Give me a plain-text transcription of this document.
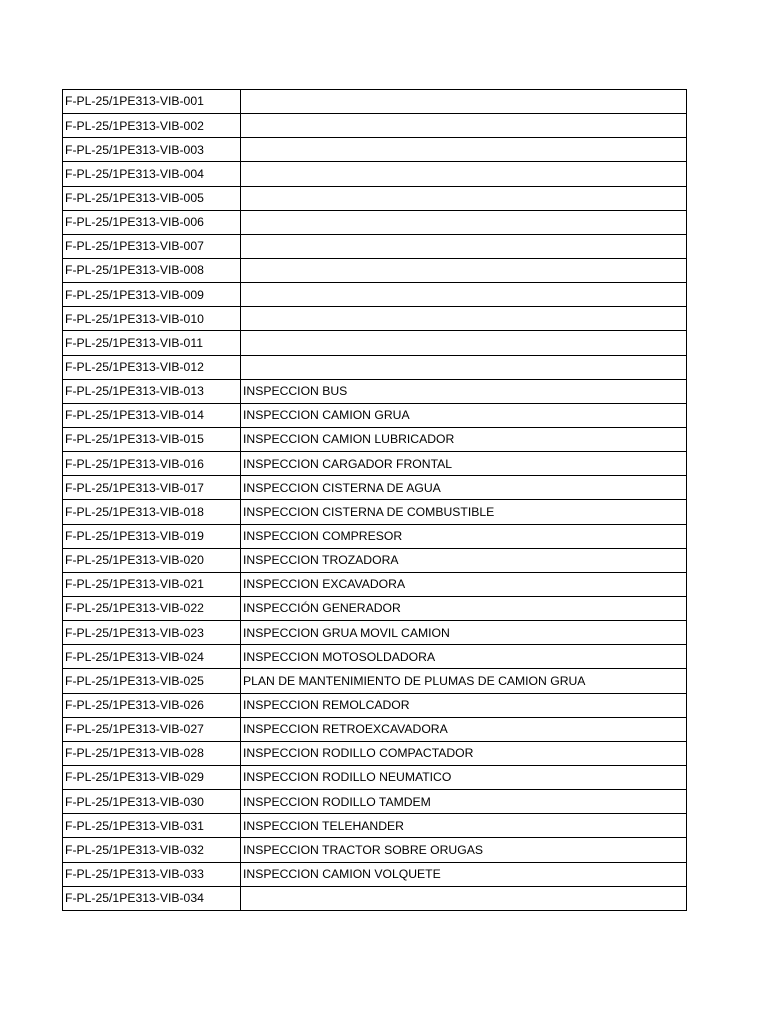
F-PL-25/1PE313-VIB-001	
F-PL-25/1PE313-VIB-002	
F-PL-25/1PE313-VIB-003	
F-PL-25/1PE313-VIB-004	
F-PL-25/1PE313-VIB-005	
F-PL-25/1PE313-VIB-006	
F-PL-25/1PE313-VIB-007	
F-PL-25/1PE313-VIB-008	
F-PL-25/1PE313-VIB-009	
F-PL-25/1PE313-VIB-010	
F-PL-25/1PE313-VIB-011	
F-PL-25/1PE313-VIB-012	
F-PL-25/1PE313-VIB-013	INSPECCION BUS
F-PL-25/1PE313-VIB-014	INSPECCION CAMION GRUA
F-PL-25/1PE313-VIB-015	INSPECCION CAMION LUBRICADOR
F-PL-25/1PE313-VIB-016	INSPECCION CARGADOR FRONTAL
F-PL-25/1PE313-VIB-017	INSPECCION CISTERNA DE AGUA
F-PL-25/1PE313-VIB-018	INSPECCION CISTERNA DE COMBUSTIBLE
F-PL-25/1PE313-VIB-019	INSPECCION COMPRESOR
F-PL-25/1PE313-VIB-020	INSPECCION TROZADORA
F-PL-25/1PE313-VIB-021	INSPECCION EXCAVADORA
F-PL-25/1PE313-VIB-022	INSPECCIÓN GENERADOR
F-PL-25/1PE313-VIB-023	INSPECCION GRUA MOVIL CAMION
F-PL-25/1PE313-VIB-024	INSPECCION MOTOSOLDADORA
F-PL-25/1PE313-VIB-025	PLAN DE MANTENIMIENTO DE PLUMAS DE CAMION GRUA
F-PL-25/1PE313-VIB-026	INSPECCION REMOLCADOR
F-PL-25/1PE313-VIB-027	INSPECCION RETROEXCAVADORA
F-PL-25/1PE313-VIB-028	INSPECCION RODILLO COMPACTADOR
F-PL-25/1PE313-VIB-029	INSPECCION RODILLO NEUMATICO
F-PL-25/1PE313-VIB-030	INSPECCION RODILLO TAMDEM
F-PL-25/1PE313-VIB-031	INSPECCION TELEHANDER
F-PL-25/1PE313-VIB-032	INSPECCION TRACTOR SOBRE ORUGAS
F-PL-25/1PE313-VIB-033	INSPECCION CAMION VOLQUETE
F-PL-25/1PE313-VIB-034	
